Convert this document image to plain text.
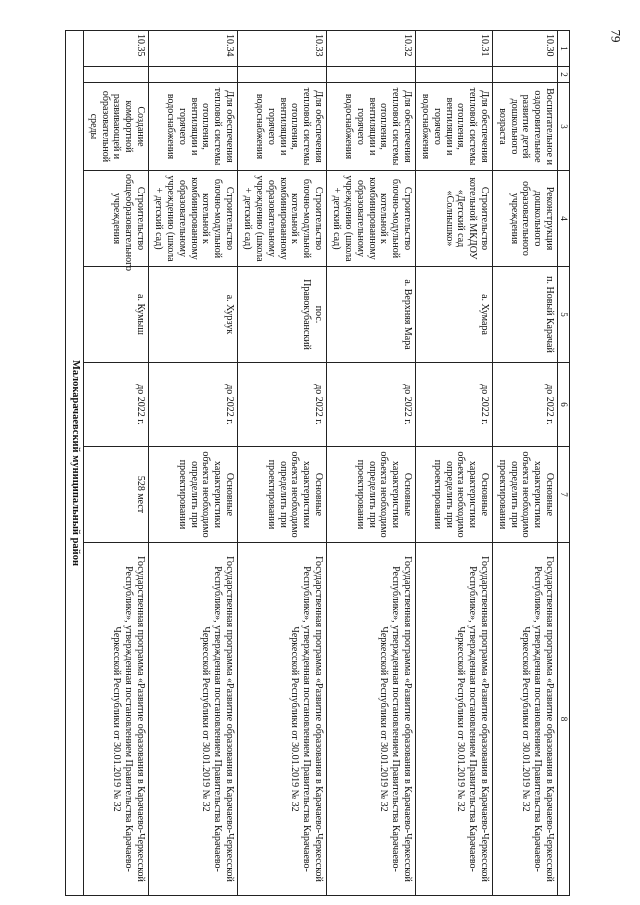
79
1	2	3	4	5	6	7	8
10.30		Воспитательное и оздоровительное развитие детей дошкольного возраста	Реконструкция дошкольного образовательного учреждения	п. Новый Карачай	до 2022 г.	Основные характеристики объекта необходимо определить при проектировании	Государственная программа «Развитие образования в Карачаево-Черкесской Республике», утвержденная постановлением Правительства Карачаево-Черкесской Республики от 30.01.2019 № 32
10.31		Для обеспечения тепловой системы отопления, вентиляции и горячего водоснабжения	Строительство котельной МКДОУ «Детский сад «Солнышко»	а. Хумара	до 2022 г.	Основные характеристики объекта необходимо определить при проектировании	Государственная программа «Развитие образования в Карачаево-Черкесской Республике», утвержденная постановлением Правительства Карачаево-Черкесской Республики от 30.01.2019 № 32
10.32		Для обеспечения тепловой системы отопления, вентиляции и горячего водоснабжения	Строительство блочно-модульной котельной к комбинированному образовательному учреждению (школа + детский сад)	а. Верхняя Мара	до 2022 г.	Основные характеристики объекта необходимо определить при проектировании	Государственная программа «Развитие образования в Карачаево-Черкесской Республике», утвержденная постановлением Правительства Карачаево-Черкесской Республики от 30.01.2019 № 32
10.33		Для обеспечения тепловой системы отопления, вентиляции и горячего водоснабжения	Строительство блочно-модульной котельной к комбинированному образовательному учреждению (школа + детский сад)	пос. Правокубанский	до 2022 г.	Основные характеристики объекта необходимо определить при проектировании	Государственная программа «Развитие образования в Карачаево-Черкесской Республике», утвержденная постановлением Правительства Карачаево-Черкесской Республики от 30.01.2019 № 32
10.34		Для обеспечения тепловой системы отопления, вентиляции и горячего водоснабжения	Строительство блочно-модульной котельной к комбинированному образовательному учреждению (школа + детский сад)	а. Хурзук	до 2022 г.	Основные характеристики объекта необходимо определить при проектировании	Государственная программа «Развитие образования в Карачаево-Черкесской Республике», утвержденная постановлением Правительства Карачаево-Черкесской Республики от 30.01.2019 № 32
10.35		Создание комфортной развивающей и образовательной среды	Строительство общеобразовательного учреждения	а. Кумыш	до 2022 г.	528 мест	Государственная программа «Развитие образования в Карачаево-Черкесской Республике», утвержденная постановлением Правительства Карачаево-Черкесской Республики от 30.01.2019 № 32
Малокарачаевский муниципальный район							
